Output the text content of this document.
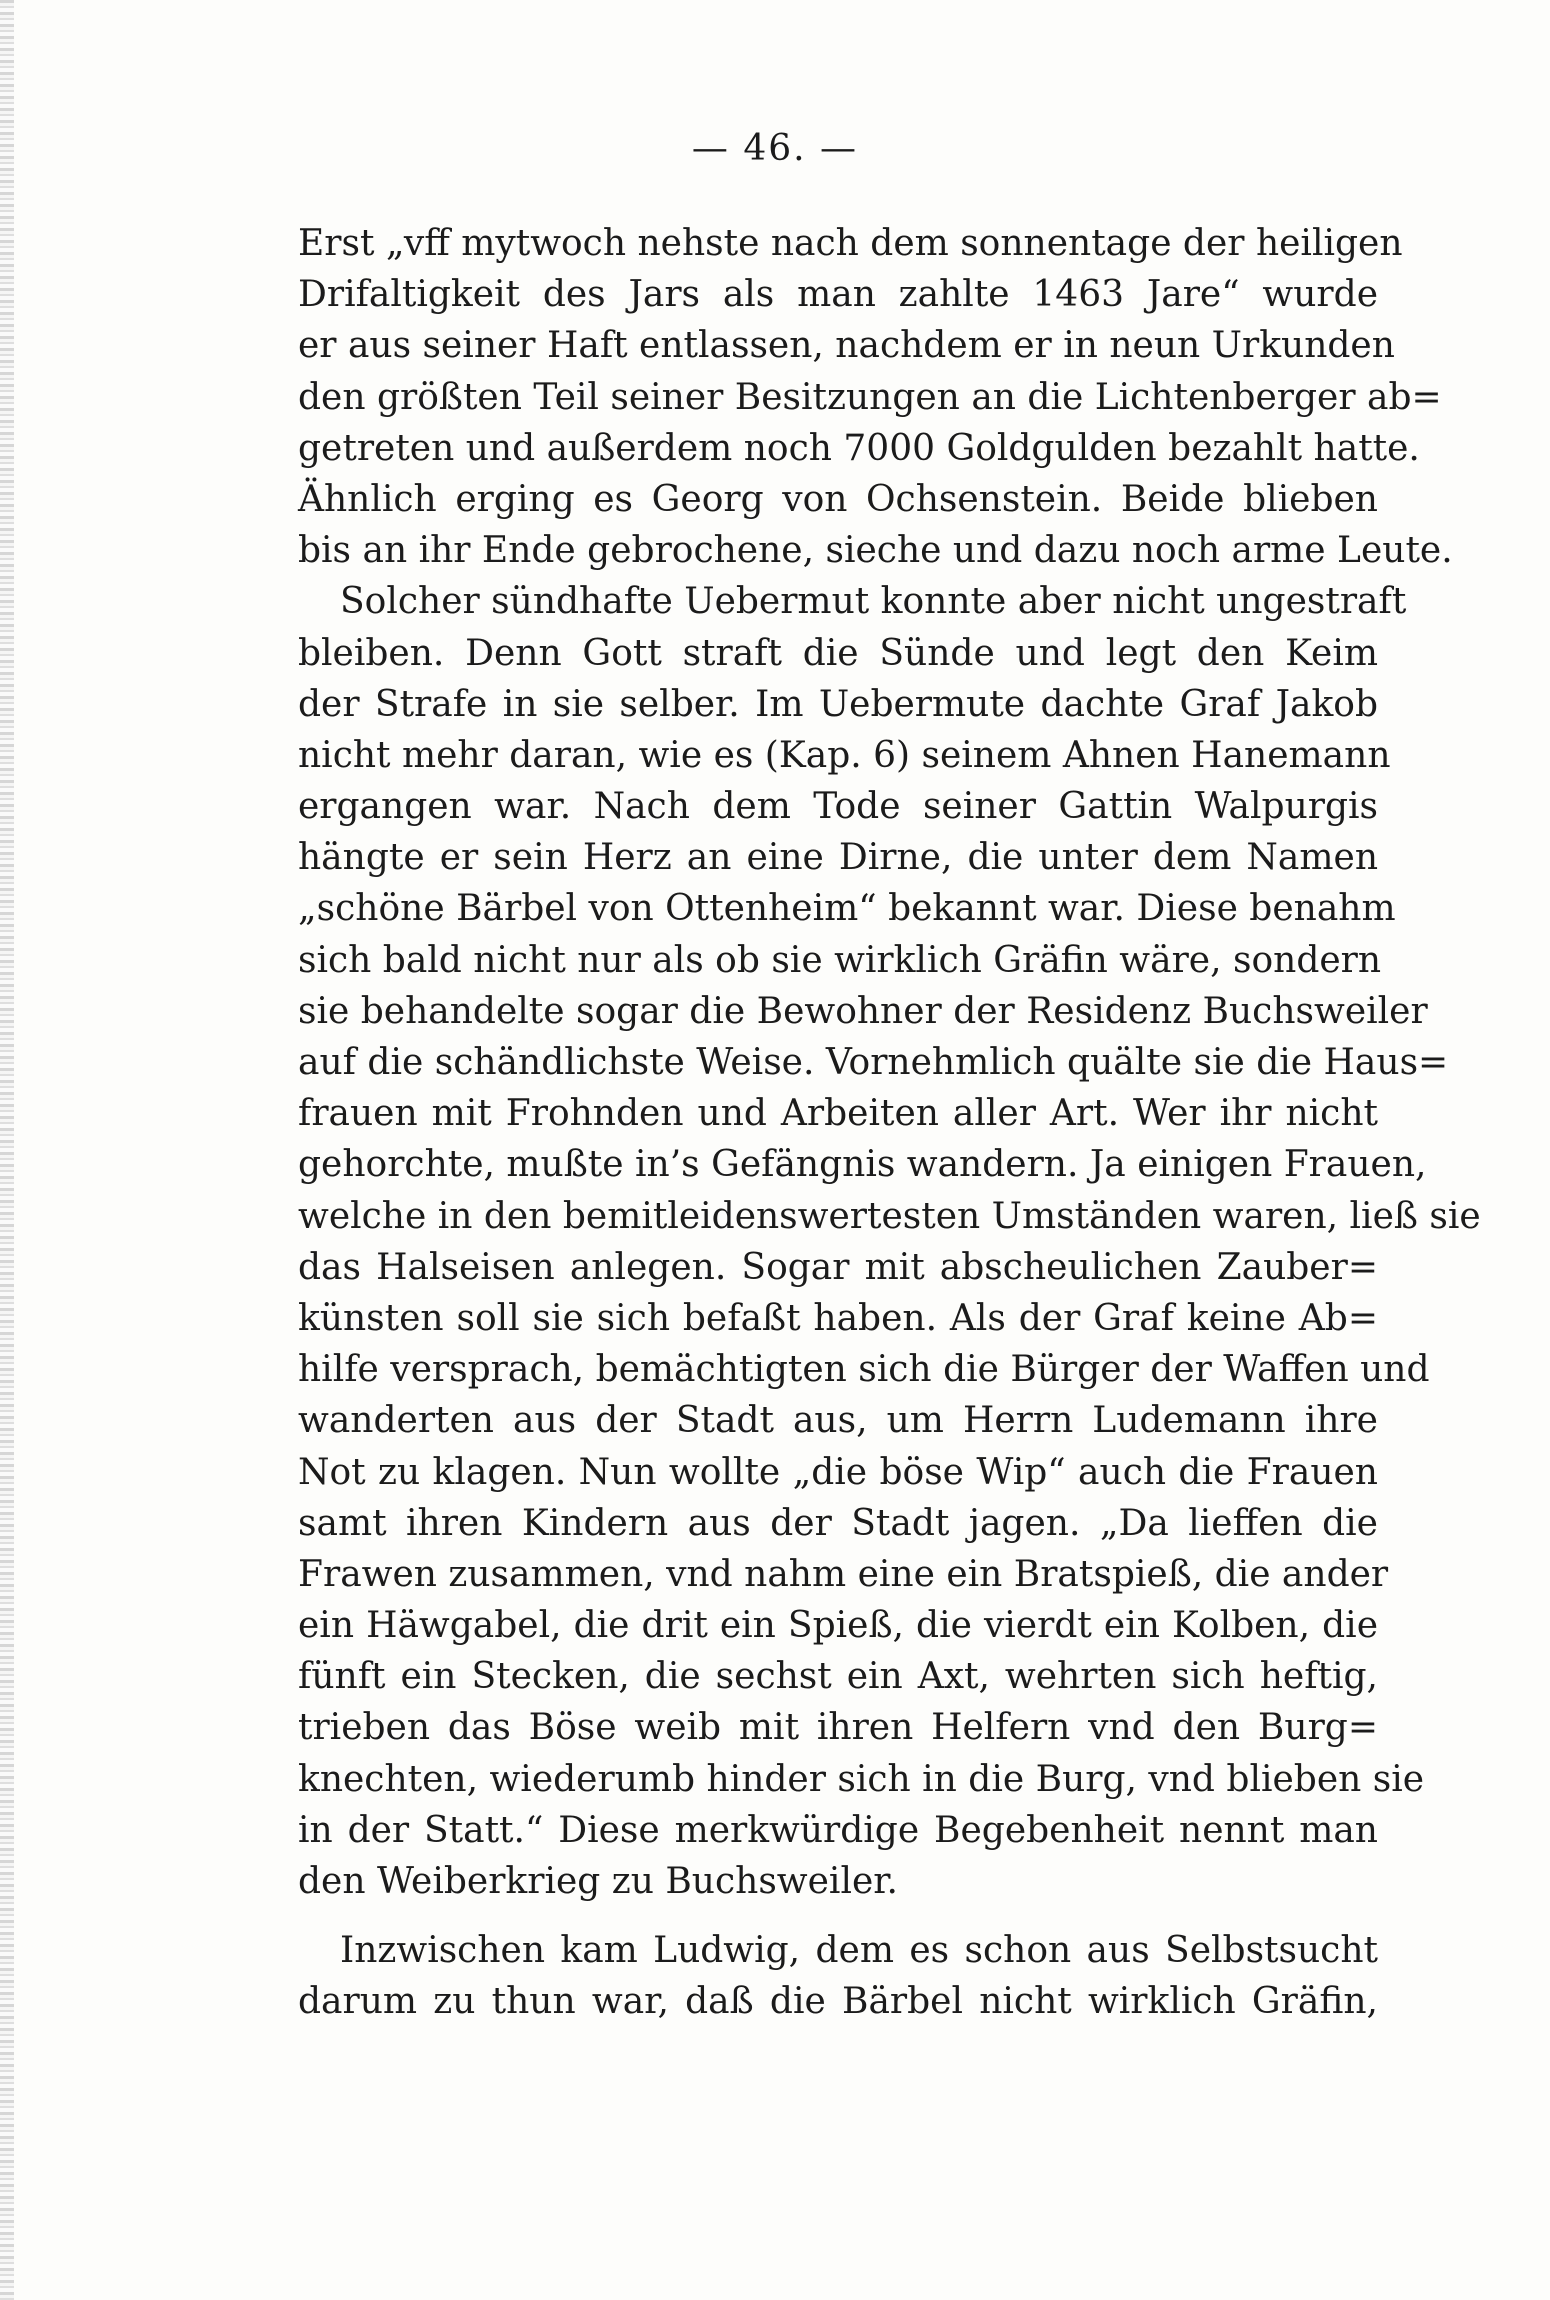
— 46. —
Erst „vff mytwoch nehste nach dem sonnentage der heiligen
Drifaltigkeit des Jars als man zahlte 1463 Jare“ wurde
er aus seiner Haft entlassen, nachdem er in neun Urkunden
den größten Teil seiner Besitzungen an die Lichtenberger ab=
getreten und außerdem noch 7000 Goldgulden bezahlt hatte.
Ähnlich erging es Georg von Ochsenstein. Beide blieben
bis an ihr Ende gebrochene, sieche und dazu noch arme Leute.
Solcher sündhafte Uebermut konnte aber nicht ungestraft
bleiben. Denn Gott straft die Sünde und legt den Keim
der Strafe in sie selber. Im Uebermute dachte Graf Jakob
nicht mehr daran, wie es (Kap. 6) seinem Ahnen Hanemann
ergangen war. Nach dem Tode seiner Gattin Walpurgis
hängte er sein Herz an eine Dirne, die unter dem Namen
„schöne Bärbel von Ottenheim“ bekannt war. Diese benahm
sich bald nicht nur als ob sie wirklich Gräfin wäre, sondern
sie behandelte sogar die Bewohner der Residenz Buchsweiler
auf die schändlichste Weise. Vornehmlich quälte sie die Haus=
frauen mit Frohnden und Arbeiten aller Art. Wer ihr nicht
gehorchte, mußte in’s Gefängnis wandern. Ja einigen Frauen,
welche in den bemitleidenswertesten Umständen waren, ließ sie
das Halseisen anlegen. Sogar mit abscheulichen Zauber=
künsten soll sie sich befaßt haben. Als der Graf keine Ab=
hilfe versprach, bemächtigten sich die Bürger der Waffen und
wanderten aus der Stadt aus, um Herrn Ludemann ihre
Not zu klagen. Nun wollte „die böse Wip“ auch die Frauen
samt ihren Kindern aus der Stadt jagen. „Da lieffen die
Frawen zusammen, vnd nahm eine ein Bratspieß, die ander
ein Häwgabel, die drit ein Spieß, die vierdt ein Kolben, die
fünft ein Stecken, die sechst ein Axt, wehrten sich heftig,
trieben das Böse weib mit ihren Helfern vnd den Burg=
knechten, wiederumb hinder sich in die Burg, vnd blieben sie
in der Statt.“ Diese merkwürdige Begebenheit nennt man
den Weiberkrieg zu Buchsweiler.
Inzwischen kam Ludwig, dem es schon aus Selbstsucht
darum zu thun war, daß die Bärbel nicht wirklich Gräfin,
